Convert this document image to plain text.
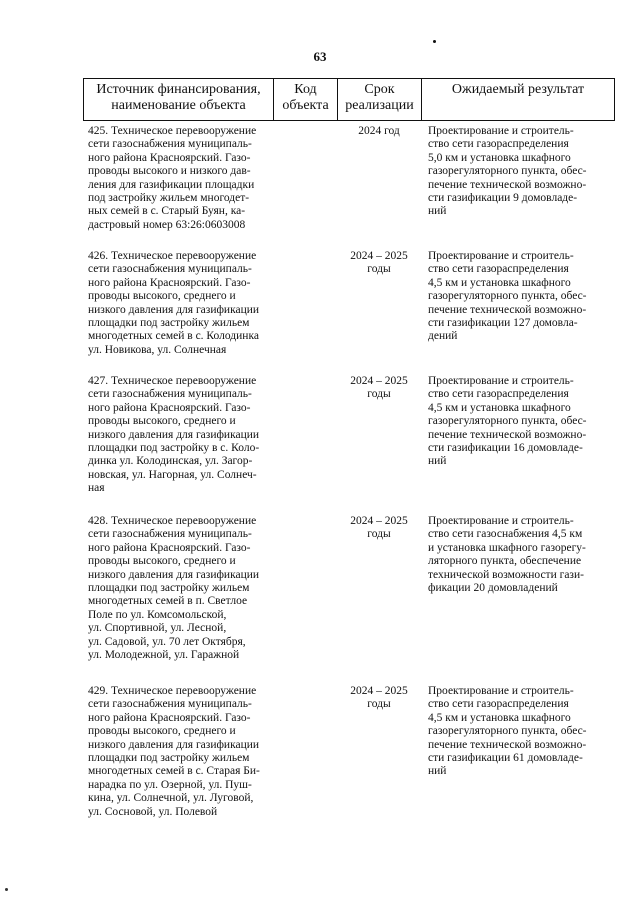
63
Источник финансирования,
наименование объекта
Код
объекта
Срок
реализации
Ожидаемый результат
425. Техническое перевооружение
сети газоснабжения муниципаль-
ного района Красноярский. Газо-
проводы высокого и низкого дав-
ления для газификации площадки
под застройку жильем многодет-
ных семей в с. Старый Буян, ка-
дастровый номер 63:26:0603008
2024 год	Проектирование и строитель-
ство сети газораспределения
5,0 км и установка шкафного
газорегуляторного пункта, обес-
печение технической возможно-
сти газификации 9 домовладе-
ний
426. Техническое перевооружение
сети газоснабжения муниципаль-
ного района Красноярский. Газо-
проводы высокого, среднего и
низкого давления для газификации
площадки под застройку жильем
многодетных семей в с. Колодинка
ул. Новикова, ул. Солнечная
2024 – 2025
годы
Проектирование и строитель-
ство сети газораспределения
4,5 км и установка шкафного
газорегуляторного пункта, обес-
печение технической возможно-
сти газификации 127 домовла-
дений
427. Техническое перевооружение
сети газоснабжения муниципаль-
ного района Красноярский. Газо-
проводы высокого, среднего и
низкого давления для газификации
площадки под застройку в с. Коло-
динка ул. Колодинская, ул. Загор-
новская, ул. Нагорная, ул. Солнеч-
ная
2024 – 2025
годы
Проектирование и строитель-
ство сети газораспределения
4,5 км и установка шкафного
газорегуляторного пункта, обес-
печение технической возможно-
сти газификации 16 домовладе-
ний
428. Техническое перевооружение
сети газоснабжения муниципаль-
ного района Красноярский. Газо-
проводы высокого, среднего и
низкого давления для газификации
площадки под застройку жильем
многодетных семей в п. Светлое
Поле по ул. Комсомольской,
ул. Спортивной, ул. Лесной,
ул. Садовой, ул. 70 лет Октября,
ул. Молодежной, ул. Гаражной
2024 – 2025
годы
Проектирование и строитель-
ство сети газоснабжения 4,5 км
и установка шкафного газорегу-
ляторного пункта, обеспечение
технической возможности гази-
фикации 20 домовладений
429. Техническое перевооружение
сети газоснабжения муниципаль-
ного района Красноярский. Газо-
проводы высокого, среднего и
низкого давления для газификации
площадки под застройку жильем
многодетных семей в с. Старая Би-
нарадка по ул. Озерной, ул. Пуш-
кина, ул. Солнечной, ул. Луговой,
ул. Сосновой, ул. Полевой
2024 – 2025
годы
Проектирование и строитель-
ство сети газораспределения
4,5 км и установка шкафного
газорегуляторного пункта, обес-
печение технической возможно-
сти газификации 61 домовладе-
ний
